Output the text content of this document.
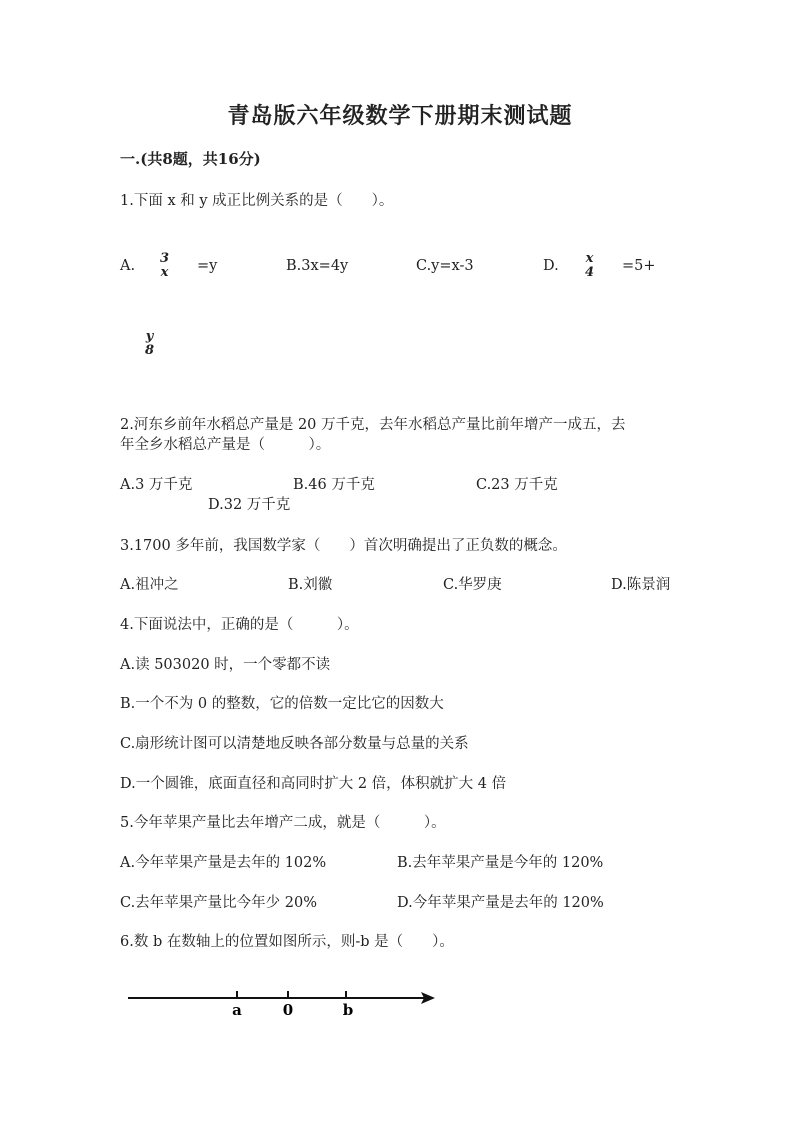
青岛版六年级数学下册期末测试题
一.(共8题，共16分)
1.下面 x 和 y 成正比例关系的是（　　）。
A. 3
x =y	B.3x=4y	C.y=x-3	D. x
4 =5+
y
8
2.河东乡前年水稻总产量是 20 万千克，去年水稻总产量比前年增产一成五，去
年全乡水稻总产量是（　　　）。
A.3 万千克	B.46 万千克	C.23 万千克
D.32 万千克
3.1700 多年前，我国数学家（　　）首次明确提出了正负数的概念。
A.祖冲之	B.刘徽	C.华罗庚	D.陈景润
4.下面说法中，正确的是（　　　）。
A.读 503020 时，一个零都不读
B.一个不为 0 的整数，它的倍数一定比它的因数大
C.扇形统计图可以清楚地反映各部分数量与总量的关系
D.一个圆锥，底面直径和高同时扩大 2 倍，体积就扩大 4 倍
5.今年苹果产量比去年增产二成，就是（　　　）。
A.今年苹果产量是去年的 102%	B.去年苹果产量是今年的 120%
C.去年苹果产量比今年少 20%	D.今年苹果产量是去年的 120%
6.数 b 在数轴上的位置如图所示，则-b 是（　　）。
a	0	b
